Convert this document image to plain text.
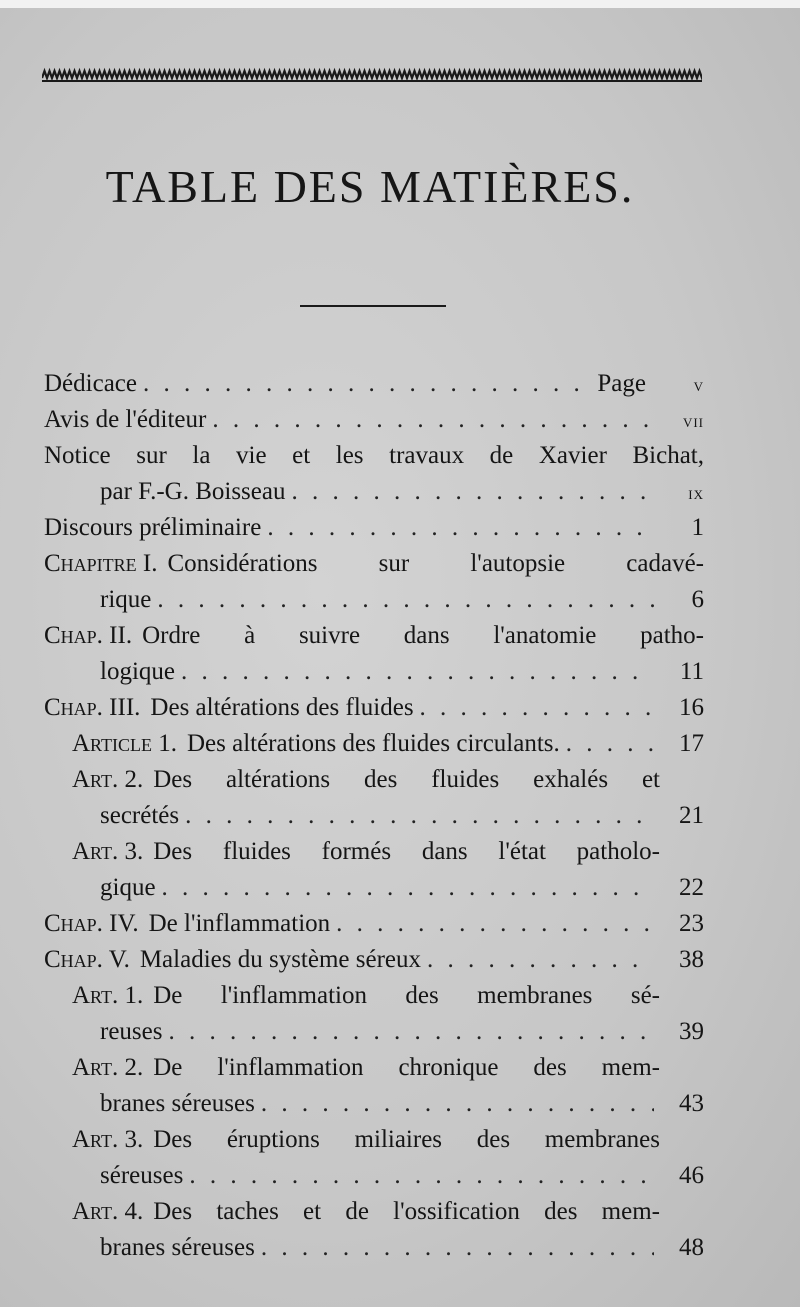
TABLE DES MATIÈRES.
Dédicace . . .	Page	v
Avis de l'éditeur . . .	vii
Notice sur la vie et les travaux de Xavier Bichat,
par F.-G. Boisseau . . .	ix
Discours préliminaire . . .	1
Chapitre I. Considérations sur l'autopsie cadavé-
rique . . .	6
Chap. II. Ordre à suivre dans l'anatomie patho-
logique . . .	11
Chap. III. Des altérations des fluides . . .	16
Article 1. Des altérations des fluides circulants. . . .	17
Art. 2. Des altérations des fluides exhalés et
secrétés . . .	21
Art. 3. Des fluides formés dans l'état patholo-
gique . . .	22
Chap. IV. De l'inflammation . . .	23
Chap. V. Maladies du système séreux . . .	38
Art. 1. De l'inflammation des membranes sé-
reuses . . .	39
Art. 2. De l'inflammation chronique des mem-
branes séreuses . . .	43
Art. 3. Des éruptions miliaires des membranes
séreuses . . .	46
Art. 4. Des taches et de l'ossification des mem-
branes séreuses . . .	48
